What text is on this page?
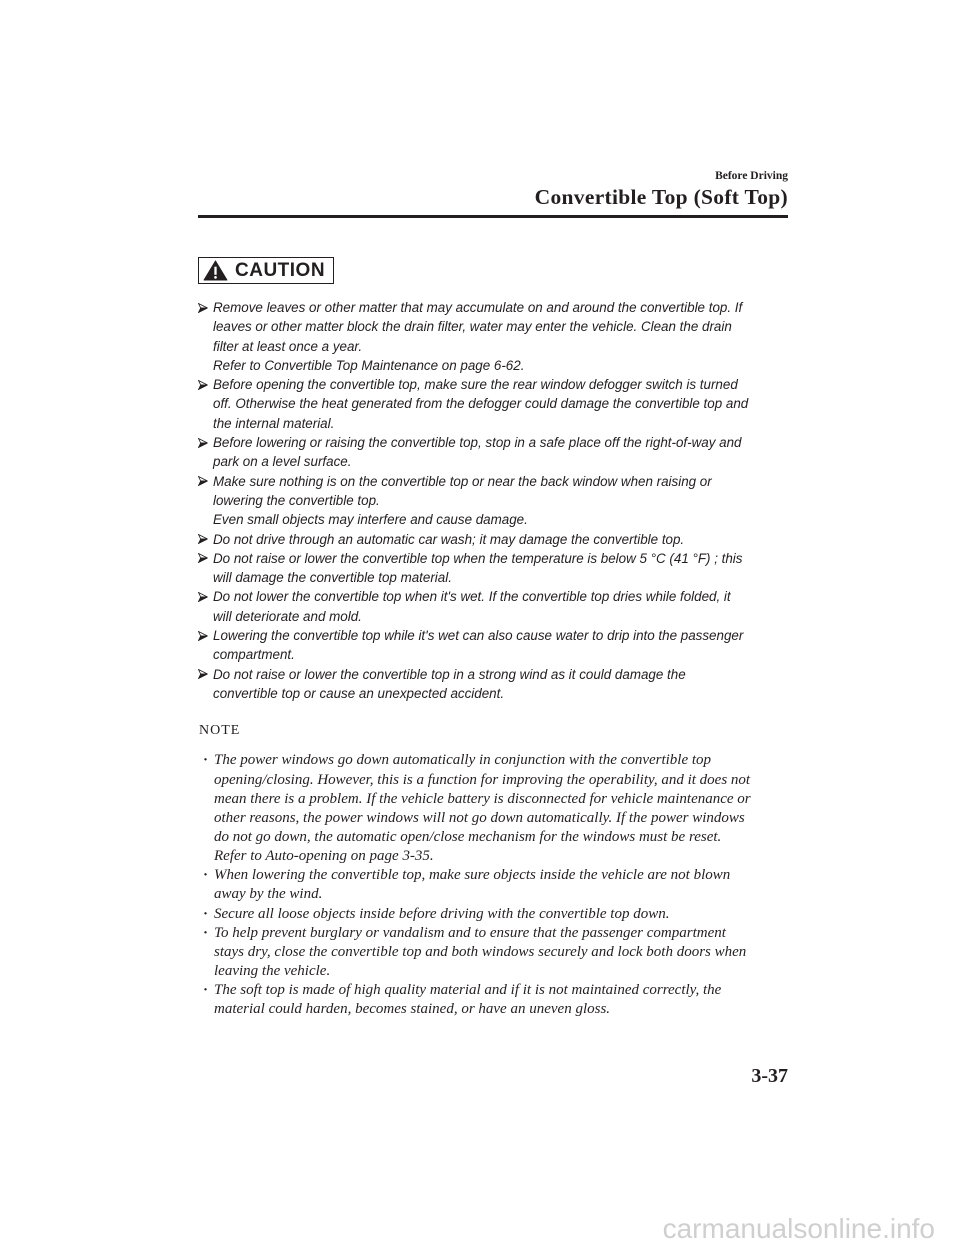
Before Driving
Convertible Top (Soft Top)
CAUTION
Remove leaves or other matter that may accumulate on and around the convertible top. If
leaves or other matter block the drain filter, water may enter the vehicle. Clean the drain
filter at least once a year.
Refer to Convertible Top Maintenance on page 6-62.
Before opening the convertible top, make sure the rear window defogger switch is turned
off. Otherwise the heat generated from the defogger could damage the convertible top and
the internal material.
Before lowering or raising the convertible top, stop in a safe place off the right-of-way and
park on a level surface.
Make sure nothing is on the convertible top or near the back window when raising or
lowering the convertible top.
Even small objects may interfere and cause damage.
Do not drive through an automatic car wash; it may damage the convertible top.
Do not raise or lower the convertible top when the temperature is below 5 °C (41 °F) ; this
will damage the convertible top material.
Do not lower the convertible top when it's wet. If the convertible top dries while folded, it
will deteriorate and mold.
Lowering the convertible top while it's wet can also cause water to drip into the passenger
compartment.
Do not raise or lower the convertible top in a strong wind as it could damage the
convertible top or cause an unexpected accident.
NOTE
· The power windows go down automatically in conjunction with the convertible top
opening/closing. However, this is a function for improving the operability, and it does not
mean there is a problem. If the vehicle battery is disconnected for vehicle maintenance or
other reasons, the power windows will not go down automatically. If the power windows
do not go down, the automatic open/close mechanism for the windows must be reset.
Refer to Auto-opening on page 3-35.
· When lowering the convertible top, make sure objects inside the vehicle are not blown
away by the wind.
· Secure all loose objects inside before driving with the convertible top down.
· To help prevent burglary or vandalism and to ensure that the passenger compartment
stays dry, close the convertible top and both windows securely and lock both doors when
leaving the vehicle.
· The soft top is made of high quality material and if it is not maintained correctly, the
material could harden, becomes stained, or have an uneven gloss.
3-37
carmanualsonline.info
